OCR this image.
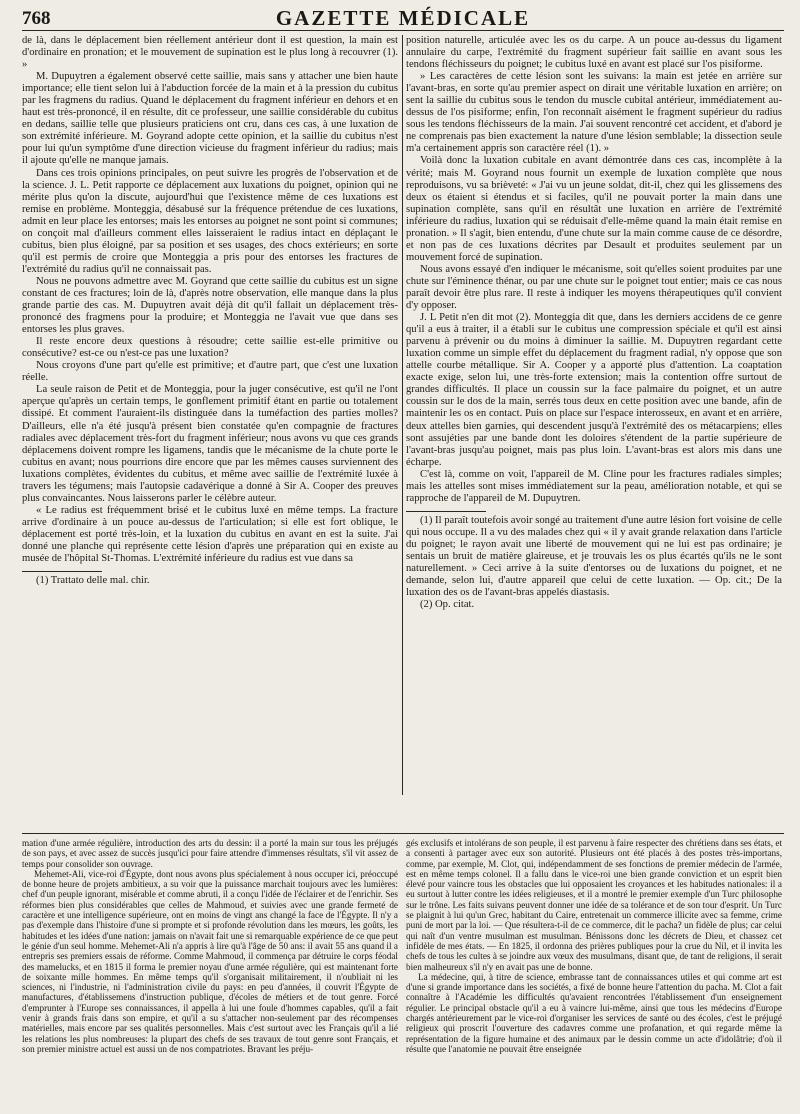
768	GAZETTE MÉDICALE

de là, dans le déplacement bien réellement antérieur dont il est question, la main est d'ordinaire en pronation; et le mouvement de supination est le plus long à recouvrer (1). »

M. Dupuytren a également observé cette saillie, mais sans y attacher une bien haute importance; elle tient selon lui à l'abduction forcée de la main et à la pression du cubitus par les fragmens du radius. Quand le déplacement du fragment inférieur en dehors et en haut est très-prononcé, il en résulte, dit ce professeur, une saillie considérable du cubitus en dedans, saillie telle que plusieurs praticiens ont cru, dans ces cas, à une luxation de son extrémité inférieure. M. Goyrand adopte cette opinion, et la saillie du cubitus n'est pour lui qu'un symptôme d'une direction vicieuse du fragment inférieur du radius; mais il ajoute qu'elle ne manque jamais.

Dans ces trois opinions principales, on peut suivre les progrès de l'observation et de la science. J. L. Petit rapporte ce déplacement aux luxations du poignet, opinion qui ne mérite plus qu'on la discute, aujourd'hui que l'existence même de ces luxations est remise en problème. Monteggia, désabusé sur la fréquence prétendue de ces luxations, admit en leur place les entorses; mais les entorses au poignet ne sont point si communes; on conçoit mal d'ailleurs comment elles laisseraient le radius intact en déplaçant le cubitus, bien plus éloigné, par sa position et ses usages, des chocs extérieurs; en sorte qu'il est permis de croire que Monteggia a pris pour des entorses les fractures de l'extrémité du radius qu'il ne connaissait pas.

Nous ne pouvons admettre avec M. Goyrand que cette saillie du cubitus est un signe constant de ces fractures; loin de là, d'après notre observation, elle manque dans la plus grande partie des cas. M. Dupuytren avait déjà dit qu'il fallait un déplacement très-prononcé des fragmens pour la produire; et Monteggia ne l'avait vue que dans ses entorses les plus graves.

Il reste encore deux questions à résoudre; cette saillie est-elle primitive ou consécutive? est-ce ou n'est-ce pas une luxation?

Nous croyons d'une part qu'elle est primitive; et d'autre part, que c'est une luxation réelle.

La seule raison de Petit et de Monteggia, pour la juger consécutive, est qu'il ne l'ont aperçue qu'après un certain temps, le gonflement primitif étant en partie ou totalement dissipé. Et comment l'auraient-ils distinguée dans la tuméfaction des parties molles? D'ailleurs, elle n'a été jusqu'à présent bien constatée qu'en compagnie de fractures radiales avec déplacement très-fort du fragment inférieur; nous avons vu que ces grands déplacemens doivent rompre les ligamens, tandis que le mécanisme de la chute porte le cubitus en avant; nous pourrions dire encore que par les mêmes causes surviennent des luxations complètes, évidentes du cubitus, et même avec saillie de l'extrémité luxée à travers les tégumens; mais l'autopsie cadavérique a donné à Sir A. Cooper des preuves plus convaincantes. Nous laisserons parler le célèbre auteur.

« Le radius est fréquemment brisé et le cubitus luxé en même temps. La fracture arrive d'ordinaire à un pouce au-dessus de l'articulation; si elle est fort oblique, le déplacement est porté très-loin, et la luxation du cubitus en avant en est la suite. J'ai donné une planche qui représente cette lésion d'après une préparation qui en existe au musée de l'hôpital St-Thomas. L'extrémité inférieure du radius est vue dans sa

(1) Trattato delle mal. chir.

position naturelle, articulée avec les os du carpe. A un pouce au-dessus du ligament annulaire du carpe, l'extrémité du fragment supérieur fait saillie en avant sous les tendons fléchisseurs du poignet; le cubitus luxé en avant est placé sur l'os pisiforme.

» Les caractères de cette lésion sont les suivans: la main est jetée en arrière sur l'avant-bras, en sorte qu'au premier aspect on dirait une véritable luxation en arrière; on sent la saillie du cubitus sous le tendon du muscle cubital antérieur, immédiatement au-dessus de l'os pisiforme; enfin, l'on reconnaît aisément le fragment supérieur du radius sous les tendons fléchisseurs de la main. J'ai souvent rencontré cet accident, et d'abord je ne comprenais pas bien exactement la nature d'une lésion semblable; la dissection seule m'a certainement appris son caractère réel (1). »

Voilà donc la luxation cubitale en avant démontrée dans ces cas, incomplète à la vérité; mais M. Goyrand nous fournit un exemple de luxation complète que nous reproduisons, vu sa brièveté: « J'ai vu un jeune soldat, dit-il, chez qui les glissemens des deux os étaient si étendus et si faciles, qu'il ne pouvait porter la main dans une supination complète, sans qu'il en résultât une luxation en arrière de l'extrémité inférieure du radius, luxation qui se réduisait d'elle-même quand la main était remise en pronation. » Il s'agit, bien entendu, d'une chute sur la main comme cause de ce désordre, et non pas de ces luxations décrites par Desault et produites seulement par un mouvement forcé de supination.

Nous avons essayé d'en indiquer le mécanisme, soit qu'elles soient produites par une chute sur l'éminence thénar, ou par une chute sur le poignet tout entier; mais ce cas nous paraît devoir être plus rare. Il reste à indiquer les moyens thérapeutiques qu'il convient d'y opposer.

J. L Petit n'en dit mot (2). Monteggia dit que, dans les derniers accidens de ce genre qu'il a eus à traiter, il a établi sur le cubitus une compression spéciale et qu'il est ainsi parvenu à prévenir ou du moins à diminuer la saillie. M. Dupuytren regardant cette luxation comme un simple effet du déplacement du fragment radial, n'y oppose que son attelle courbe métallique. Sir A. Cooper y a apporté plus d'attention. La coaptation exacte exige, selon lui, une très-forte extension; mais la contention offre surtout de grandes difficultés. Il place un coussin sur la face palmaire du poignet, et un autre coussin sur le dos de la main, serrés tous deux en cette position avec une bande, afin de maintenir les os en contact. Puis on place sur l'espace interosseux, en avant et en arrière, deux attelles bien garnies, qui descendent jusqu'à l'extrémité des os métacarpiens; elles sont assujéties par une bande dont les doloires s'étendent de la partie supérieure de l'avant-bras jusqu'au poignet, mais pas plus loin. L'avant-bras est alors mis dans une écharpe.

C'est là, comme on voit, l'appareil de M. Cline pour les fractures radiales simples; mais les attelles sont mises immédiatement sur la peau, amélioration notable, et qui se rapproche de l'appareil de M. Dupuytren.

(1) Il paraît toutefois avoir songé au traitement d'une autre lésion fort voisine de celle qui nous occupe. Il a vu des malades chez qui « il y avait grande relaxation dans l'article du poignet; le rayon avait une liberté de mouvement qui ne lui est pas ordinaire; je sentais un bruit de matière glaireuse, et je trouvais les os plus écartés qu'ils ne le sont naturellement. » Ceci arrive à la suite d'entorses ou de luxations du poignet, et ne demande, selon lui, d'autre appareil que celui de cette luxation. — Op. cit.; De la luxation des os de l'avant-bras appelés diastasis.

(2) Op. citat.

mation d'une armée régulière, introduction des arts du dessin: il a porté la main sur tous les préjugés de son pays, et avec assez de succès jusqu'ici pour faire attendre d'immenses résultats, s'il vit assez de temps pour consolider son ouvrage.

Mehemet-Ali, vice-roi d'Égypte, dont nous avons plus spécialement à nous occuper ici, préoccupé de bonne heure de projets ambitieux, a su voir que la puissance marchait toujours avec les lumières: chef d'un peuple ignorant, misérable et comme abruti, il a conçu l'idée de l'éclairer et de l'enrichir. Ses réformes bien plus considérables que celles de Mahmoud, et suivies avec une grande fermeté de caractère et une intelligence supérieure, ont en moins de vingt ans changé la face de l'Égypte. Il n'y a pas d'exemple dans l'histoire d'une si prompte et si profonde révolution dans les mœurs, les goûts, les habitudes et les idées d'une nation: jamais on n'avait fait une si remarquable expérience de ce que peut le génie d'un seul homme. Mehemet-Ali n'a appris à lire qu'à l'âge de 50 ans: il avait 55 ans quand il a entrepris ses premiers essais de réforme. Comme Mahmoud, il commença par détruire le corps féodal des mamelucks, et en 1815 il forma le premier noyau d'une armée régulière, qui est maintenant forte de soixante mille hommes. En même temps qu'il s'organisait militairement, il n'oubliait ni les sciences, ni l'industrie, ni l'administration civile du pays: en peu d'années, il couvrit l'Égypte de manufactures, d'établissemens d'instruction publique, d'écoles de métiers et de tout genre. Forcé d'emprunter à l'Europe ses connaissances, il appella à lui une foule d'hommes capables, qu'il a fait venir à grands frais dans son empire, et qu'il a su s'attacher non-seulement par des récompenses matérielles, mais encore par ses qualités personnelles. Mais c'est surtout avec les Français qu'il a lié les relations les plus nombreuses: la plupart des chefs de ses travaux de tout genre sont Français, et son premier ministre actuel est aussi un de nos compatriotes. Bravant les préju-

gés exclusifs et intolérans de son peuple, il est parvenu à faire respecter des chrétiens dans ses états, et a consenti à partager avec eux son autorité. Plusieurs ont été placés à des postes très-importans, comme, par exemple, M. Clot, qui, indépendamment de ses fonctions de premier médecin de l'armée, est en même temps colonel. Il a fallu dans le vice-roi une bien grande conviction et un esprit bien élevé pour vaincre tous les obstacles que lui opposaient les croyances et les habitudes nationales: il a eu surtout à lutter contre les idées religieuses, et il a montré le premier exemple d'un Turc philosophe sur le trône. Les faits suivans peuvent donner une idée de sa tolérance et de son tour d'esprit. Un Turc se plaignit à lui qu'un Grec, habitant du Caire, entretenait un commerce illicite avec sa femme, crime puni de mort par la loi. — Que résultera-t-il de ce commerce, dit le pacha? un fidèle de plus; car celui qui naît d'un ventre musulman est musulman. Bénissons donc les décrets de Dieu, et chassez cet infidèle de mes états. — En 1825, il ordonna des prières publiques pour la crue du Nil, et il invita les chefs de tous les cultes à se joindre aux vœux des musulmans, disant que, de tant de religions, il serait bien malheureux s'il n'y en avait pas une de bonne.

La médecine, qui, à titre de science, embrasse tant de connaissances utiles et qui comme art est d'une si grande importance dans les sociétés, a fixé de bonne heure l'attention du pacha. M. Clot a fait connaître à l'Académie les difficultés qu'avaient rencontrées l'établissement d'un enseignement régulier. Le principal obstacle qu'il a eu à vaincre lui-même, ainsi que tous les médecins d'Europe chargés antérieurement par le vice-roi d'organiser les services de santé ou des écoles, c'est le préjugé religieux qui proscrit l'ouverture des cadavres comme une profanation, et qui regarde même la représentation de la figure humaine et des animaux par le dessin comme un acte d'idolâtrie; d'où il résulte que l'anatomie ne pouvait être enseignée
